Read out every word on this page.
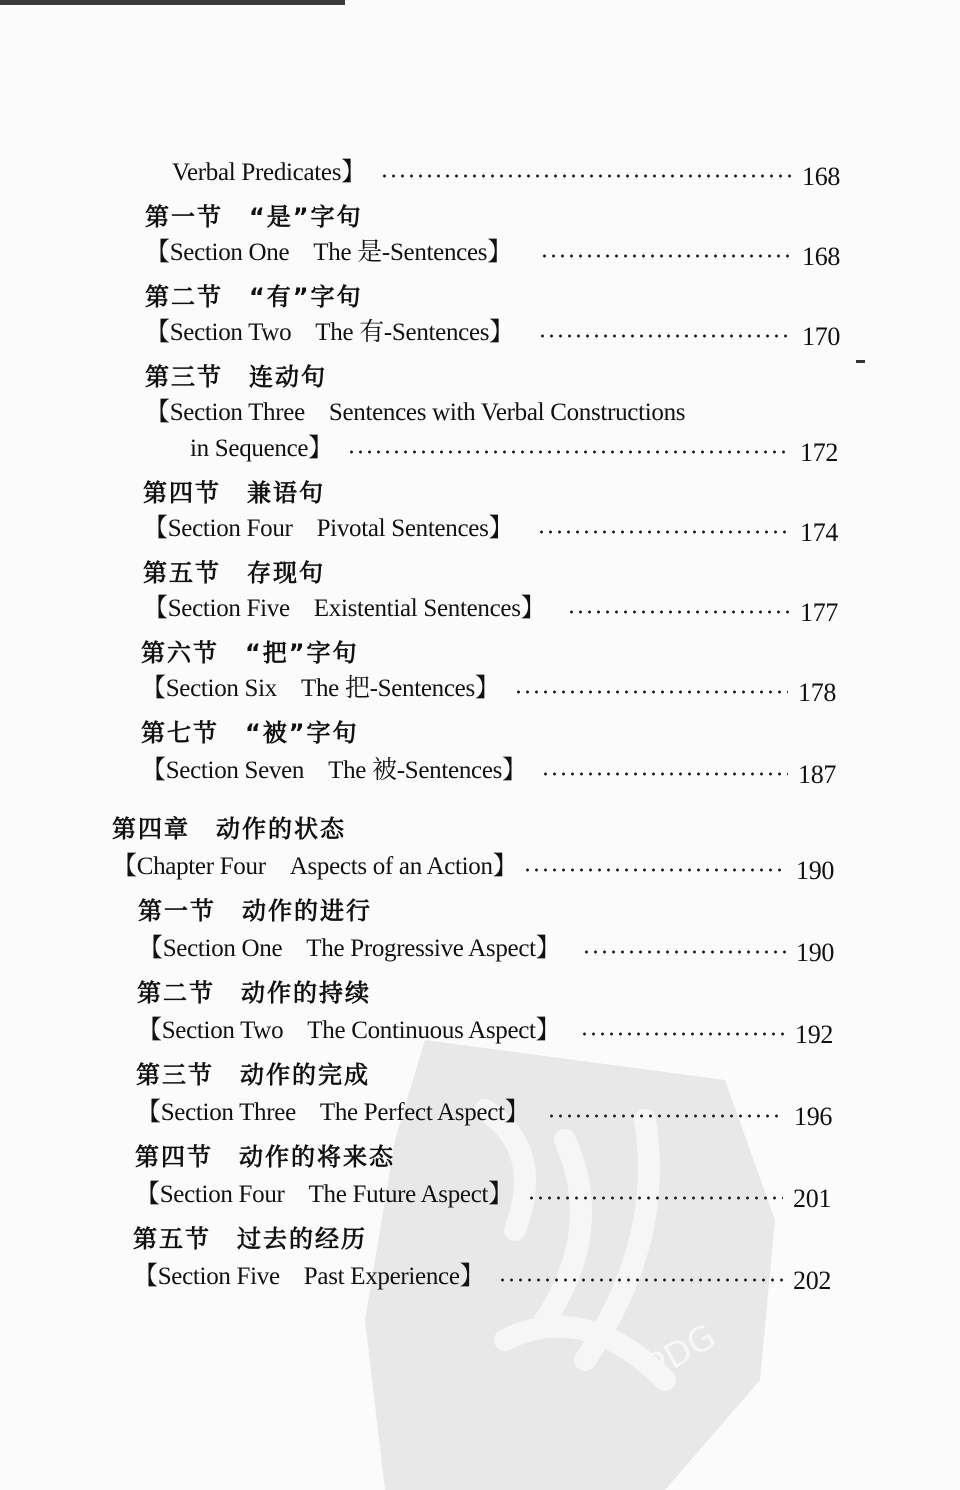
PDG
Verbal Predicates】	168
第一节 “是”字句
【Section One The 是-Sentences】	168
第二节 “有”字句
【Section Two The 有-Sentences】	170
第三节 连动句
【Section Three Sentences with Verbal Constructions
in Sequence】	172
第四节 兼语句
【Section Four Pivotal Sentences】	174
第五节 存现句
【Section Five Existential Sentences】	177
第六节 “把”字句
【Section Six The 把-Sentences】	178
第七节 “被”字句
【Section Seven The 被-Sentences】	187
第四章 动作的状态
【Chapter Four Aspects of an Action】	190
第一节 动作的进行
【Section One The Progressive Aspect】	190
第二节 动作的持续
【Section Two The Continuous Aspect】	192
第三节 动作的完成
【Section Three The Perfect Aspect】	196
第四节 动作的将来态
【Section Four The Future Aspect】	201
第五节 过去的经历
【Section Five Past Experience】	202
